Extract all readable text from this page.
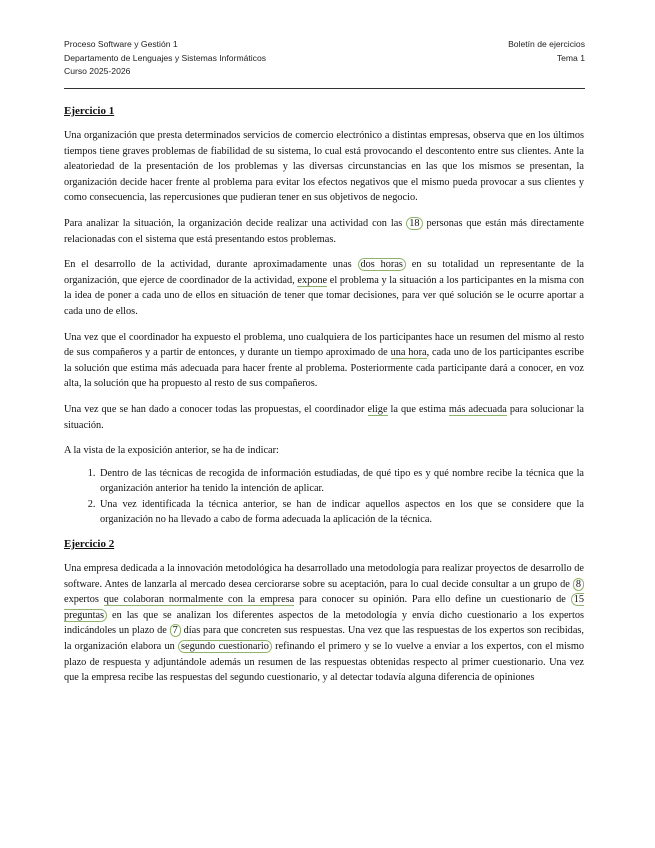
Proceso Software y Gestión 1
Departamento de Lenguajes y Sistemas Informáticos
Curso 2025-2026
Boletín de ejercicios
Tema 1
Ejercicio 1

Una organización que presta determinados servicios de comercio electrónico a distintas empresas, observa que en los últimos tiempos tiene graves problemas de fiabilidad de su sistema, lo cual está provocando el descontento entre sus clientes. Ante la aleatoriedad de la presentación de los problemas y las diversas circunstancias en las que los mismos se presentan, la organización decide hacer frente al problema para evitar los efectos negativos que el mismo pueda provocar a sus clientes y como consecuencia, las repercusiones que pudieran tener en sus objetivos de negocio.

Para analizar la situación, la organización decide realizar una actividad con las 18 personas que están más directamente relacionadas con el sistema que está presentando estos problemas.

En el desarrollo de la actividad, durante aproximadamente unas dos horas en su totalidad un representante de la organización, que ejerce de coordinador de la actividad, expone el problema y la situación a los participantes en la misma con la idea de poner a cada uno de ellos en situación de tener que tomar decisiones, para ver qué solución se le ocurre aportar a cada uno de ellos.

Una vez que el coordinador ha expuesto el problema, uno cualquiera de los participantes hace un resumen del mismo al resto de sus compañeros y a partir de entonces, y durante un tiempo aproximado de una hora, cada uno de los participantes escribe la solución que estima más adecuada para hacer frente al problema. Posteriormente cada participante dará a conocer, en voz alta, la solución que ha propuesto al resto de sus compañeros.

Una vez que se han dado a conocer todas las propuestas, el coordinador elige la que estima más adecuada para solucionar la situación.

A la vista de la exposición anterior, se ha de indicar:

1. Dentro de las técnicas de recogida de información estudiadas, de qué tipo es y qué nombre recibe la técnica que la organización anterior ha tenido la intención de aplicar.
2. Una vez identificada la técnica anterior, se han de indicar aquellos aspectos en los que se considere que la organización no ha llevado a cabo de forma adecuada la aplicación de la técnica.
Ejercicio 2

Una empresa dedicada a la innovación metodológica ha desarrollado una metodología para realizar proyectos de desarrollo de software. Antes de lanzarla al mercado desea cerciorarse sobre su aceptación, para lo cual decide consultar a un grupo de 8 expertos que colaboran normalmente con la empresa para conocer su opinión. Para ello define un cuestionario de 15 preguntas en las que se analizan los diferentes aspectos de la metodología y envía dicho cuestionario a los expertos indicándoles un plazo de 7 días para que concreten sus respuestas. Una vez que las respuestas de los expertos son recibidas, la organización elabora un segundo cuestionario refinando el primero y se lo vuelve a enviar a los expertos, con el mismo plazo de respuesta y adjuntándole además un resumen de las respuestas obtenidas respecto al primer cuestionario. Una vez que la empresa recibe las respuestas del segundo cuestionario, y al detectar todavía alguna diferencia de opiniones
